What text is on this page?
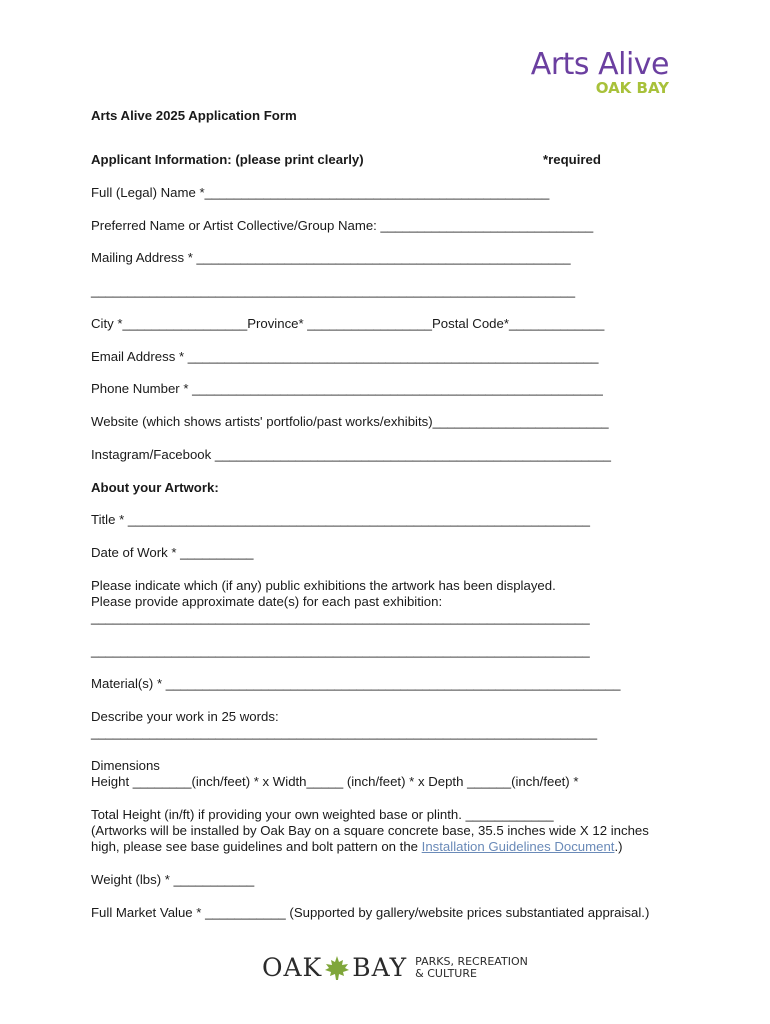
Arts Alive
OAK BAY
Arts Alive 2025 Application Form
Applicant Information: (please print clearly)	*required
Full (Legal) Name *_______________________________________________
Preferred Name or Artist Collective/Group Name: _____________________________
Mailing Address * ___________________________________________________
__________________________________________________________________
City *_________________Province* _________________Postal Code*_____________
Email Address * ________________________________________________________
Phone Number * ________________________________________________________
Website (which shows artists' portfolio/past works/exhibits)________________________
Instagram/Facebook ______________________________________________________
About your Artwork:
Title * _______________________________________________________________
Date of Work * __________
Please indicate which (if any) public exhibitions the artwork has been displayed.
Please provide approximate date(s) for each past exhibition:
____________________________________________________________________
____________________________________________________________________
Material(s) * ______________________________________________________________
Describe your work in 25 words:
_____________________________________________________________________
Dimensions
Height ________(inch/feet) * x Width_____ (inch/feet) * x Depth ______(inch/feet) *
Total Height (in/ft) if providing your own weighted base or plinth. ____________
(Artworks will be installed by Oak Bay on a square concrete base, 35.5 inches wide X 12 inches
high, please see base guidelines and bolt pattern on the Installation Guidelines Document.)
Weight (lbs) * ___________
Full Market Value * ___________ (Supported by gallery/website prices substantiated appraisal.)
OAK BAY PARKS, RECREATION
& CULTURE
